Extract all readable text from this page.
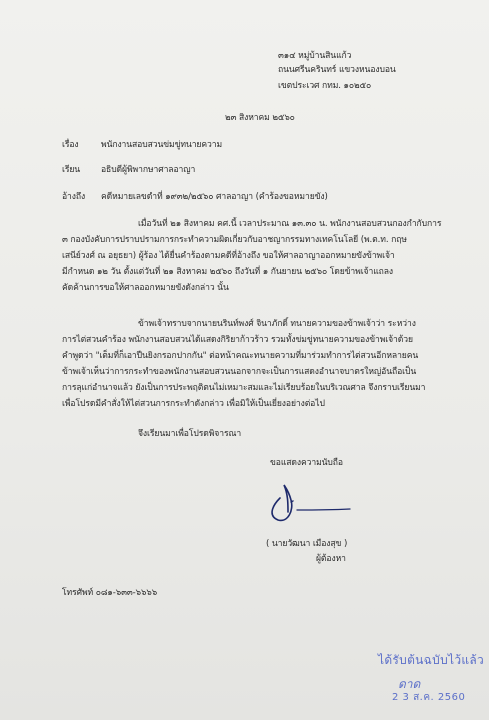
๓๑๔ หมู่บ้านสินแก้ว
ถนนศรีนครินทร์ แขวงหนองบอน
เขตประเวศ กทม. ๑๐๒๕๐
๒๓ สิงหาคม ๒๕๖๐
เรื่อง	พนักงานสอบสวนข่มขู่ทนายความ
เรียน อธิบดีผู้พิพากษาศาลอาญา
อ้างถึง คดีหมายเลขดำที่ ๑๙๓๒/๒๕๖๐ ศาลอาญา (คำร้องขอหมายขัง)
เมื่อวันที่ ๒๑ สิงหาคม คศ.นี้ เวลาประมาณ ๑๓.๓๐ น. พนักงานสอบสวนกองกำกับการ
๓ กองบังคับการปราบปรามการกระทำความผิดเกี่ยวกับอาชญากรรมทางเทคโนโลยี (พ.ต.ท. กฤษ
เสนีย์วงศ์ ณ อยุธยา) ผู้ร้อง ได้ยื่นคำร้องตามคดีที่อ้างถึง ขอให้ศาลอาญาออกหมายขังข้าพเจ้า
มีกำหนด ๑๒ วัน ตั้งแต่วันที่ ๒๑ สิงหาคม ๒๕๖๐ ถึงวันที่ ๑ กันยายน ๒๕๖๐ โดยข้าพเจ้าแถลง
คัดค้านการขอให้ศาลออกหมายขังดังกล่าว นั้น
ข้าพเจ้าทราบจากนายนรินท์พงศ์ จินาภักดิ์ ทนายความของข้าพเจ้าว่า ระหว่าง
การไต่สวนคำร้อง พนักงานสอบสวนได้แสดงกิริยาก้าวร้าว รวมทั้งข่มขู่ทนายความของข้าพเจ้าด้วย
คำพูดว่า "เต็มที่ก็เอาปืนยิงกรอกปากกัน" ต่อหน้าคณะทนายความที่มาร่วมทำการไต่สวนอีกหลายคน
ข้าพเจ้าเห็นว่าการกระทำของพนักงานสอบสวนนอกจากจะเป็นการแสดงอำนาจบาตรใหญ่อันถือเป็น
การลุแก่อำนาจแล้ว ยังเป็นการประพฤติตนไม่เหมาะสมและไม่เรียบร้อยในบริเวณศาล จึงกราบเรียนมา
เพื่อโปรดมีคำสั่งให้ไต่สวนการกระทำดังกล่าว เพื่อมิให้เป็นเยี่ยงอย่างต่อไป
จึงเรียนมาเพื่อโปรดพิจารณา
ขอแสดงความนับถือ
( นายวัฒนา เมืองสุข )
ผู้ต้องหา
โทรศัพท์ ๐๘๑-๖๓๓-๖๖๖๖
ได้รับต้นฉบับไว้แล้ว
ดาด
2 3 ส.ค. 2560
